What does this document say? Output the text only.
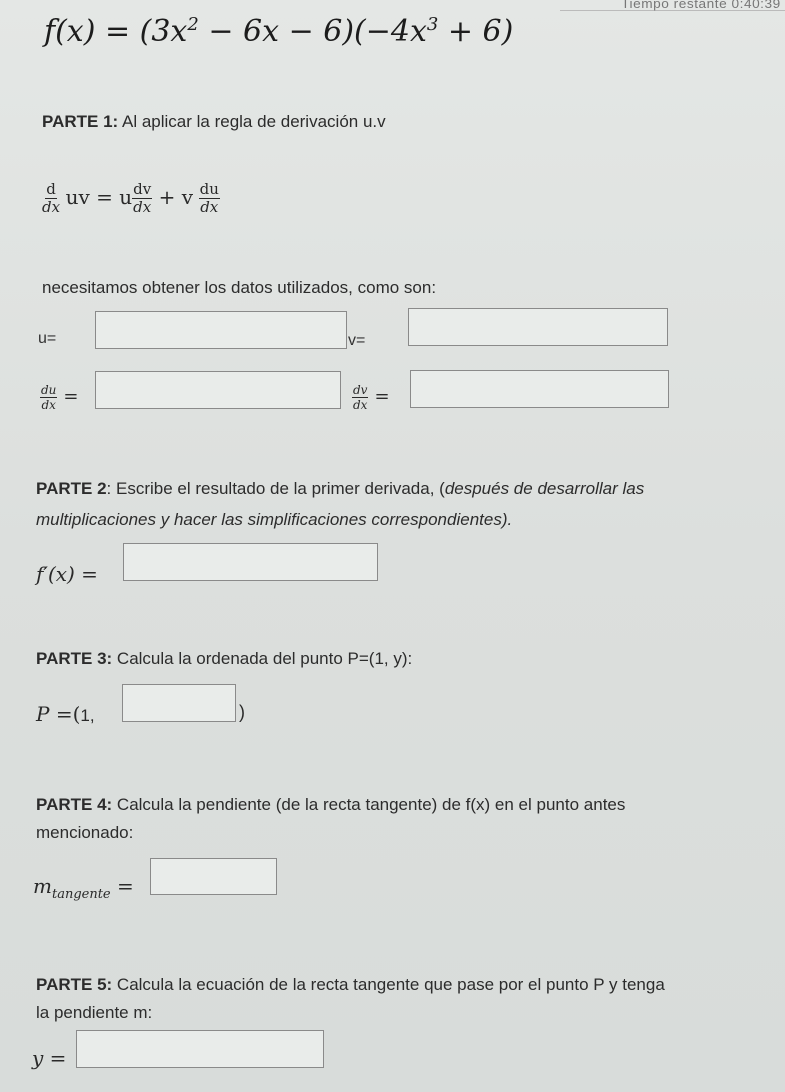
Tiempo restante 0:40:39
$f(x) = (3x^2 - 6x - 6)(-4x^3 + 6)$
PARTE 1: Al aplicar la regla de derivación u.v
$\frac{d}{dx}$ uv = u $\frac{dv}{dx} + v \frac{du}{dx}$
necesitamos obtener los datos utilizados, como son:
u=	v=
$\frac{du}{dx}$ =	$\frac{dv}{dx}$ =
PARTE 2: Escribe el resultado de la primer derivada, (después de desarrollar las
multiplicaciones y hacer las simplificaciones correspondientes).
f′(x) =
PARTE 3: Calcula la ordenada del punto P=(1, y):
P =(1,	)
PARTE 4: Calcula la pendiente (de la recta tangente) de f(x) en el punto antes
mencionado:
$m_{tangente}$ =
PARTE 5: Calcula la ecuación de la recta tangente que pase por el punto P y tenga
la pendiente m:
y =
